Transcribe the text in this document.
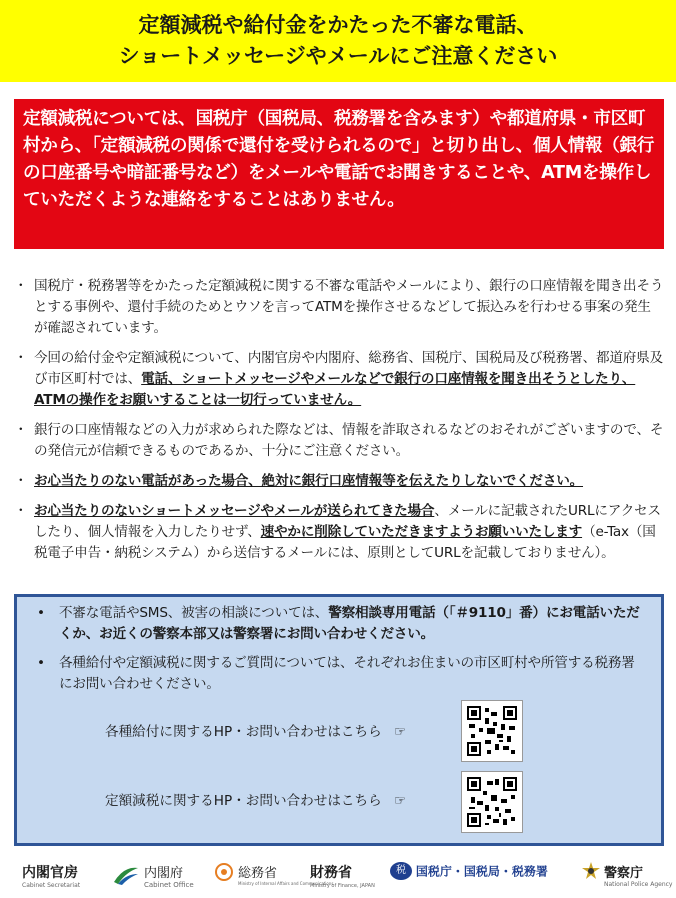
定額減税や給付金をかたった不審な電話、
ショートメッセージやメールにご注意ください
定額減税については、国税庁（国税局、税務署を含みます）や都道府県・市区町村から、「定額減税の関係で還付を受けられるので」と切り出し、個人情報（銀行の口座番号や暗証番号など）をメールや電話でお聞きすることや、ATMを操作していただくような連絡をすることはありません。
・ 国税庁・税務署等をかたった定額減税に関する不審な電話やメールにより、銀行の口座情報を聞き出そうとする事例や、還付手続のためとウソを言ってATMを操作させるなどして振込みを行わせる事案の発生が確認されています。
・ 今回の給付金や定額減税について、内閣官房や内閣府、総務省、国税庁、国税局及び税務署、都道府県及び市区町村では、電話、ショートメッセージやメールなどで銀行の口座情報を聞き出そうとしたり、ATMの操作をお願いすることは一切行っていません。
・ 銀行の口座情報などの入力が求められた際などは、情報を詐取されるなどのおそれがございますので、その発信元が信頼できるものであるか、十分にご注意ください。
・ お心当たりのない電話があった場合、絶対に銀行口座情報等を伝えたりしないでください。
・ お心当たりのないショートメッセージやメールが送られてきた場合、メールに記載されたURLにアクセスしたり、個人情報を入力したりせず、速やかに削除していただきますようお願いいたします（e-Tax（国税電子申告・納税システム）から送信するメールには、原則としてURLを記載しておりません）。
• 不審な電話やSMS、被害の相談については、警察相談専用電話（「＃9110」番）にお電話いただくか、お近くの警察本部又は警察署にお問い合わせください。
• 各種給付や定額減税に関するご質問については、それぞれお住まいの市区町村や所管する税務署にお問い合わせください。
各種給付に関するHP・お問い合わせはこちら ☞
定額減税に関するHP・お問い合わせはこちら ☞
内閣官房
Cabinet Secretariat
内閣府
Cabinet Office
総務省
Ministry of Internal Affairs and Communications
財務省
Ministry of Finance, JAPAN
税 国税庁・国税局・税務署	警察庁
National Police Agency
